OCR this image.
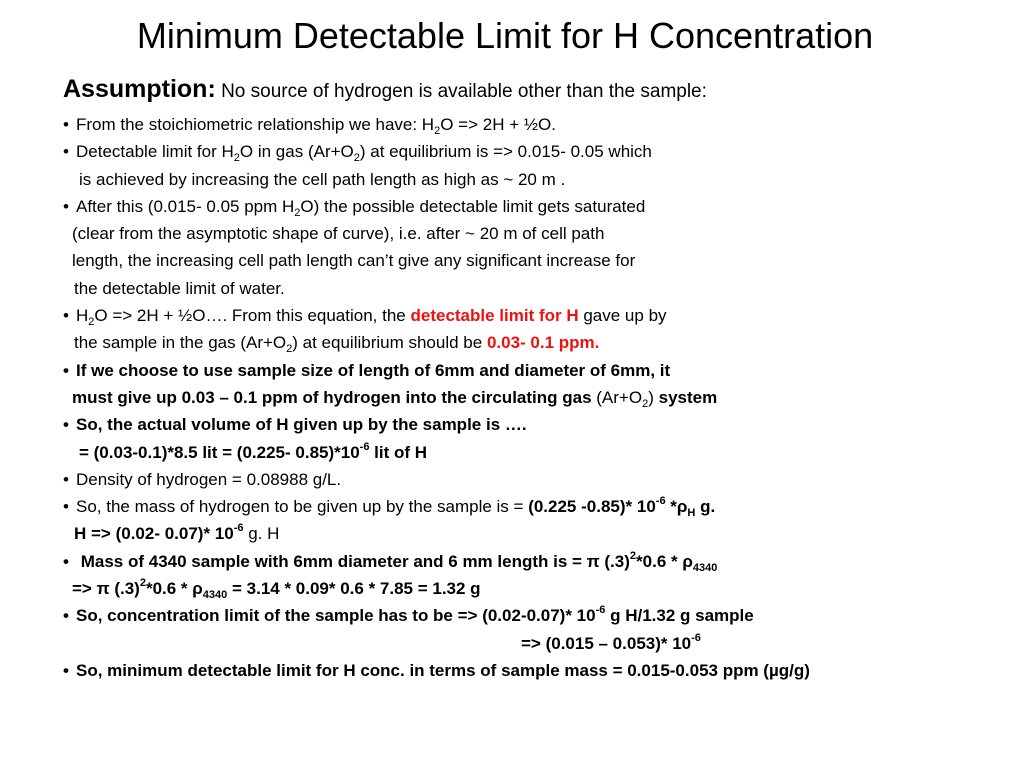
Minimum Detectable Limit for H Concentration
Assumption: No source of hydrogen is available other than the sample:
• From the stoichiometric relationship we have: $H_2O => 2H$ + ½O.
• Detectable limit for $H_2O$ in gas $(Ar+O_2)$ at equilibrium is => 0.015- 0.05 which
is achieved by increasing the cell path length as high as ~ 20 m .
• After this (0.015- 0.05 ppm $H_2O$) the possible detectable limit gets saturated
(clear from the asymptotic shape of curve), i.e. after ~ 20 m of cell path
length, the increasing cell path length can’t give any significant increase for
the detectable limit of water.
• $H_2O => 2H$ + ½O…. From this equation, the detectable limit for H gave up by
the sample in the gas $(Ar+O_2)$ at equilibrium should be 0.03- 0.1 ppm.
• If we choose to use sample size of length of 6mm and diameter of 6mm, it
must give up 0.03 – 0.1 ppm of hydrogen into the circulating gas $(Ar+O_2)$ system
• So, the actual volume of H given up by the sample is ….
= (0.03-0.1)*8.5 lit = (0.225- $0.85)*10^{-6}$ lit of H
• Density of hydrogen = 0.08988 g/L.
• So, the mass of hydrogen to be given up by the sample is = (0.225 -0.85)* $10^{-6}$ $*\rho_H$ g.
H => (0.02- 0.07)* $10^{-6}$ g. H
• Mass of 4340 sample with 6mm diameter and 6 mm length is = π $(.3)^2*0.6 * \rho_{4340}$
=> π $(.3)^2*0.6 * \rho_{4340} = 3.14 * 0.09*$ 0.6 * 7.85 = 1.32 g
• So, concentration limit of the sample has to be => (0.02-0.07)* $10^{-6}$ g H/1.32 g sample
=> (0.015 – 0.053)* $10^{-6}$
• So, minimum detectable limit for H conc. in terms of sample mass = 0.015-0.053 ppm (µg/g)
